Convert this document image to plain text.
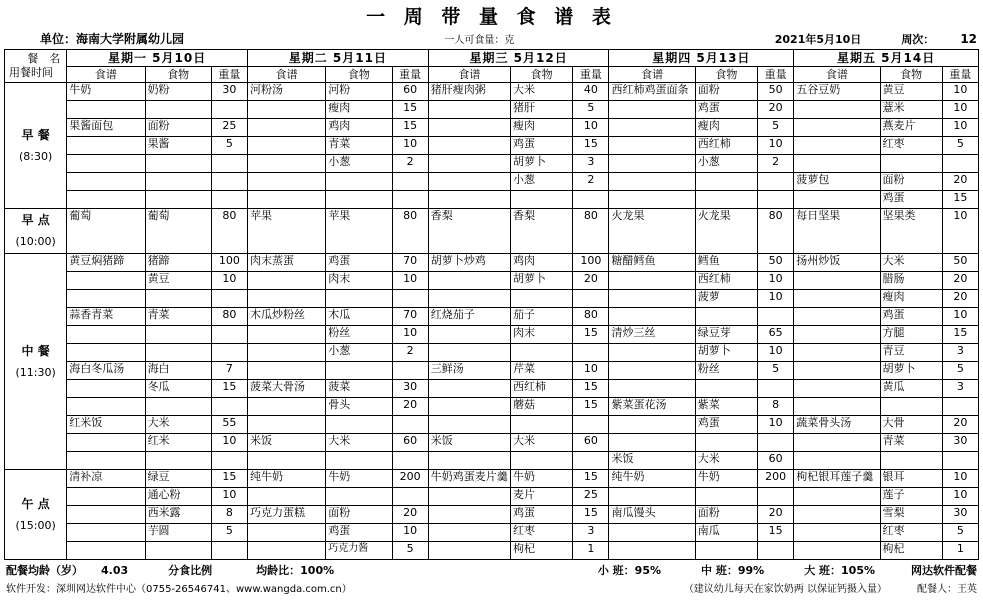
一 周 带 量 食 谱 表
单位：海南大学附属幼儿园	一人可食量：克	2021年5月10日	周次： 12
餐　名
用餐时间	星期一 5月10日			星期二 5月11日			星期三 5月12日			星期四 5月13日			星期五 5月14日		
	食谱	食物	重量	食谱	食物	重量	食谱	食物	重量	食谱	食物	重量	食谱	食物	重量

早 餐
(8:30)	牛奶	奶粉	30	河粉汤	河粉	60	猪肝瘦肉粥	大米	40	西红柿鸡蛋面条	面粉	50	五谷豆奶	黄豆	10
					瘦肉	15		猪肝	5		鸡蛋	20		薏米	10
	果酱面包	面粉	25		鸡肉	15		瘦肉	10		瘦肉	5		燕麦片	10
		果酱	5		青菜	10		鸡蛋	15		西红柿	10		红枣	5
					小葱	2		胡萝卜	3		小葱	2			
								小葱	2				菠萝包	面粉	20
														鸡蛋	15

早 点
(10:00)	葡萄	葡萄	80	苹果	苹果	80	香梨	香梨	80	火龙果	火龙果	80	每日坚果	坚果类	10

中 餐
(11:30)	黄豆焖猪蹄	猪蹄	100	肉末蒸蛋	鸡蛋	70	胡萝卜炒鸡	鸡肉	100	糖醋鳕鱼	鳕鱼	50	扬州炒饭	大米	50
		黄豆	10		肉末	10		胡萝卜	20		西红柿	10		腊肠	20
											菠萝	10		瘦肉	20
	蒜香青菜	青菜	80	木瓜炒粉丝	木瓜	70	红烧茄子	茄子	80					鸡蛋	10
					粉丝	10		肉末	15	清炒三丝	绿豆芽	65		方腿	15
					小葱	2					胡萝卜	10		青豆	3
	海白冬瓜汤	海白	7				三鲜汤	芹菜	10		粉丝	5		胡萝卜	5
		冬瓜	15	菠菜大骨汤	菠菜	30		西红柿	15					黄瓜	3
					骨头	20		蘑菇	15	紫菜蛋花汤	紫菜	8			
	红米饭	大米	55								鸡蛋	10	蔬菜骨头汤	大骨	20
		红米	10	米饭	大米	60	米饭	大米	60					青菜	30
										米饭	大米	60			

午 点
(15:00)	清补凉	绿豆	15	纯牛奶	牛奶	200	牛奶鸡蛋麦片羹	牛奶	15	纯牛奶	牛奶	200	枸杞银耳莲子羹	银耳	10
		通心粉	10					麦片	25					莲子	10
		西米露	8	巧克力蛋糕	面粉	20		鸡蛋	15	南瓜馒头	面粉	20		雪梨	30
		芋圆	5		鸡蛋	10		红枣	3		南瓜	15		红枣	5
					巧克力酱	5		枸杞	1					枸杞	1
配餐均龄（岁） 4.03	分食比例	均龄比：100%	小 班：95%	中 班：99%	大 班：105%	网达软件配餐
软件开发：深圳网达软件中心（0755-26546741、www.wangda.com.cn）	（建议幼儿每天在家饮奶两 以保证钙摄入量）	配餐人：王英
